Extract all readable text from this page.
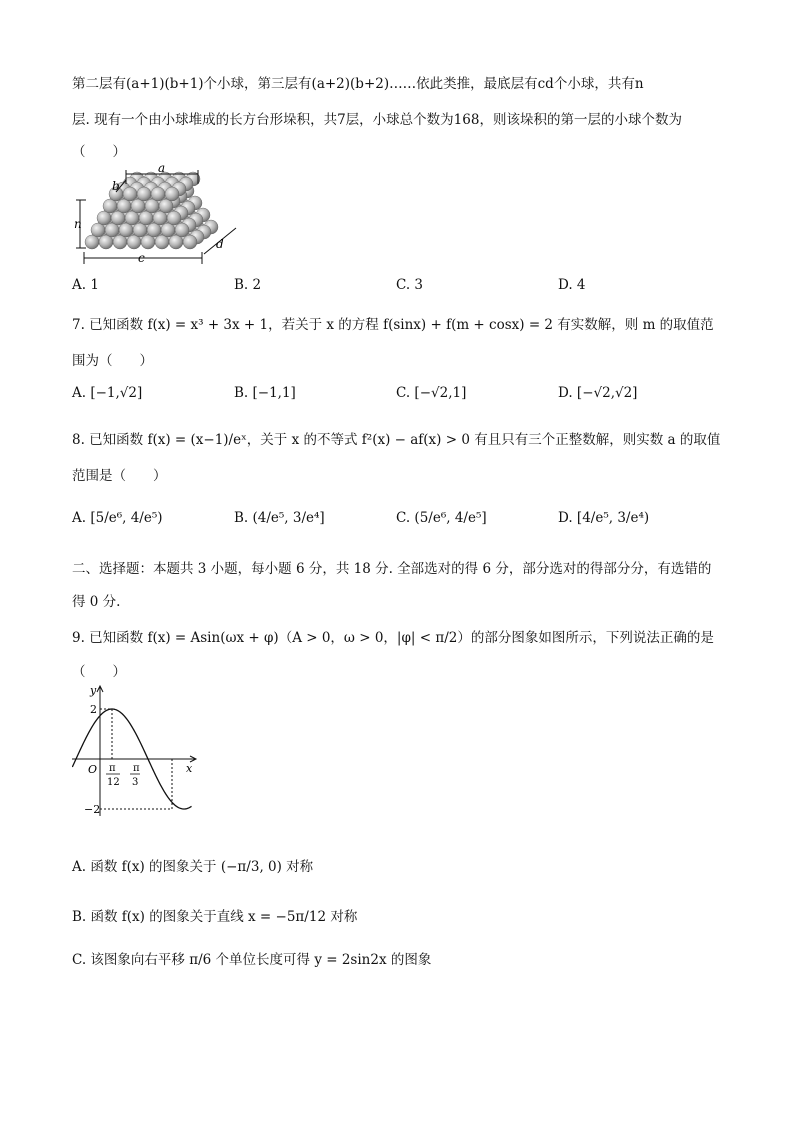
第二层有(a+1)(b+1)个小球，第三层有(a+2)(b+2)……依此类推，最底层有cd个小球，共有n
层. 现有一个由小球堆成的长方台形垛积，共7层，小球总个数为168，则该垛积的第一层的小球个数为
（　　）
a
b
n
c
d
A. 1	B. 2	C. 3	D. 4
7. 已知函数 f(x) = x³ + 3x + 1，若关于 x 的方程 f(sinx) + f(m + cosx) = 2 有实数解，则 m 的取值范
围为（　　）
A. [−1,√2]	B. [−1,1]	C. [−√2,1]	D. [−√2,√2]
8. 已知函数 f(x) = (x−1)/eˣ，关于 x 的不等式 f²(x) − af(x) > 0 有且只有三个正整数解，则实数 a 的取值
范围是（　　）
A. [5/e⁶, 4/e⁵)	B. (4/e⁵, 3/e⁴]	C. (5/e⁶, 4/e⁵]	D. [4/e⁵, 3/e⁴)
二、选择题：本题共 3 小题，每小题 6 分，共 18 分. 全部选对的得 6 分，部分选对的得部分分，有选错的
得 0 分.
9. 已知函数 f(x) = Asin(ωx + φ)（A > 0，ω > 0，|φ| < π/2）的部分图象如图所示，下列说法正确的是
（　　）
y
x
O
2
−2
π
12
π
3
A. 函数 f(x) 的图象关于 (−π/3, 0) 对称
B. 函数 f(x) 的图象关于直线 x = −5π/12 对称
C. 该图象向右平移 π/6 个单位长度可得 y = 2sin2x 的图象
